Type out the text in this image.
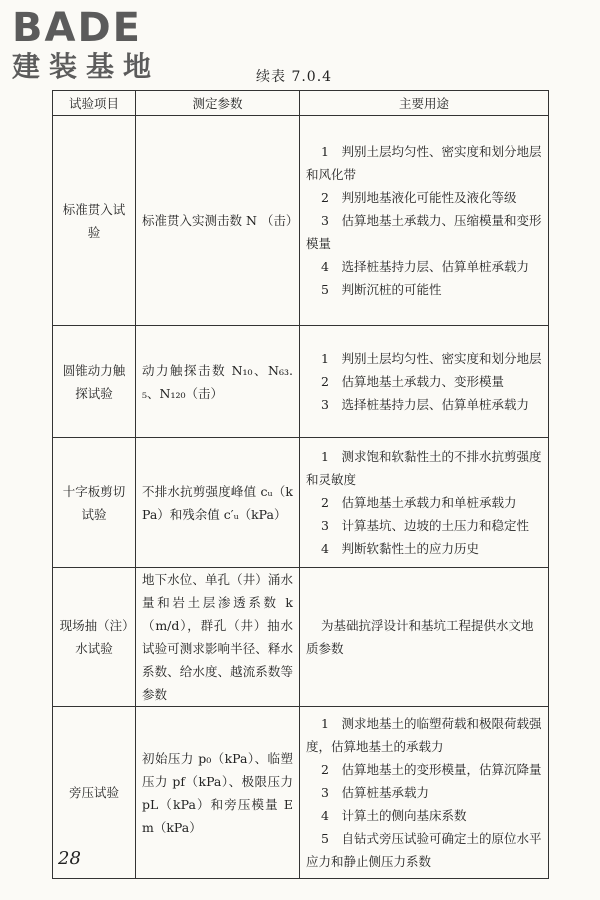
BADE
建装基地	续表 7.0.4
试验项目	测定参数	主要用途
标准贯入试验	标准贯入实测击数 N （击）	1　判别土层均匀性、密实度和划分地层和风化带
2　判别地基液化可能性及液化等级
3　估算地基土承载力、压缩模量和变形模量
4　选择桩基持力层、估算单桩承载力
5　判断沉桩的可能性

圆锥动力触探试验	动力触探击数 N₁₀、N₆₃.₅、N₁₂₀（击）	1　判别土层均匀性、密实度和划分地层
2　估算地基土承载力、变形模量
3　选择桩基持力层、估算单桩承载力

十字板剪切试验	不排水抗剪强度峰值 cᵤ（kPa）和残余值 c′ᵤ（kPa）	1　测求饱和软黏性土的不排水抗剪强度和灵敏度
2　估算地基土承载力和单桩承载力
3　计算基坑、边坡的土压力和稳定性
4　判断软黏性土的应力历史

现场抽（注）水试验	地下水位、单孔（井）涌水量和岩土层渗透系数 k（m/d），群孔（井）抽水试验可测求影响半径、释水系数、给水度、越流系数等参数	为基础抗浮设计和基坑工程提供水文地质参数

旁压试验	初始压力 p₀（kPa）、临塑压力 pf（kPa）、极限压力 pL（kPa）和旁压模量 Em（kPa）	1　测求地基土的临塑荷载和极限荷载强度，估算地基土的承载力
2　估算地基土的变形模量，估算沉降量
3　估算桩基承载力
4　计算土的侧向基床系数
5　自钻式旁压试验可确定土的原位水平应力和静止侧压力系数
28
